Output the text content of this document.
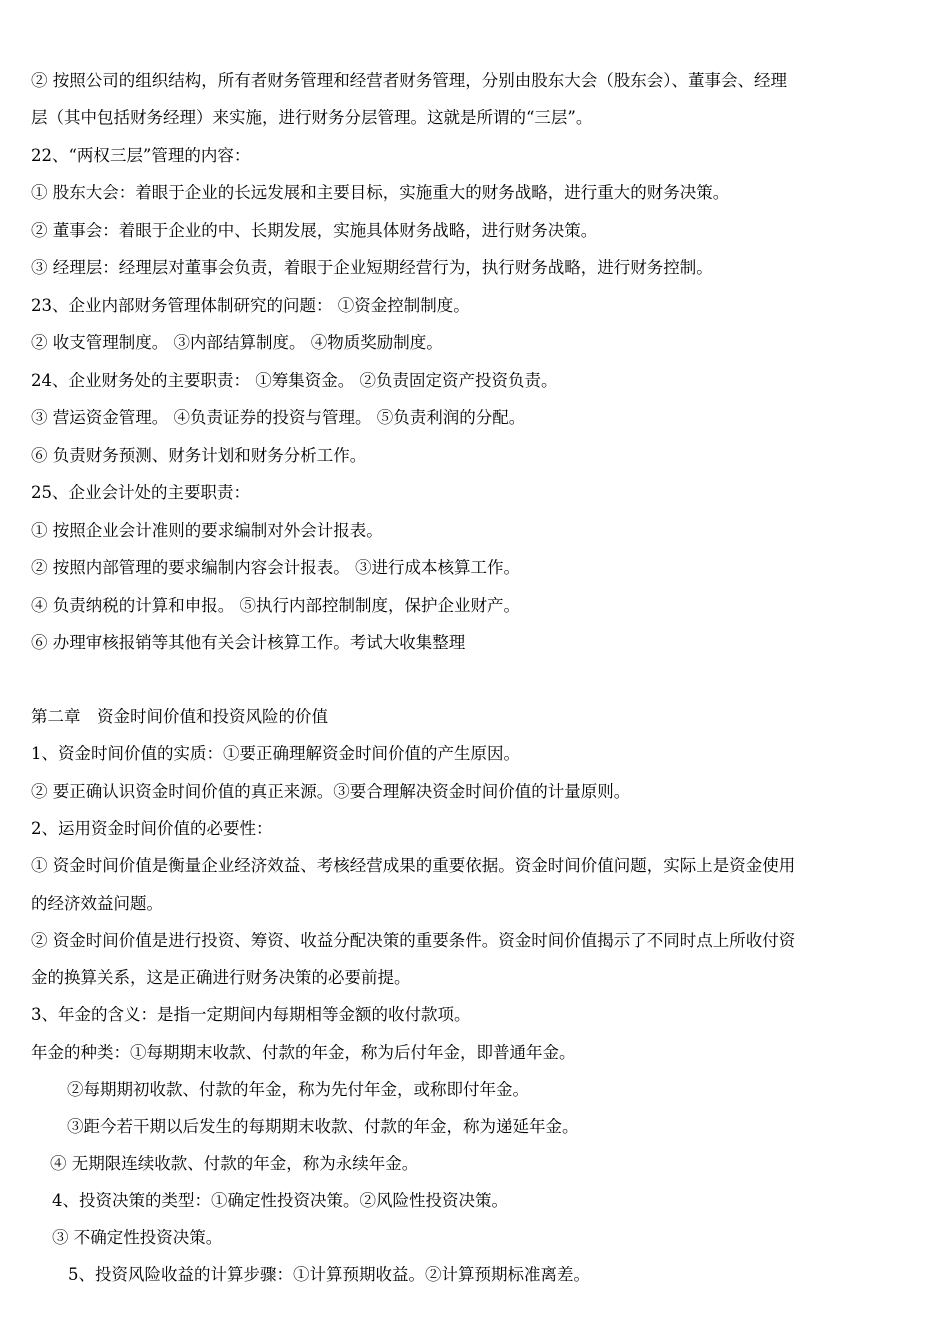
② 按照公司的组织结构，所有者财务管理和经营者财务管理，分别由股东大会（股东会）、董事会、经理
层（其中包括财务经理）来实施，进行财务分层管理。这就是所谓的“三层”。
22、“两权三层”管理的内容：
① 股东大会：着眼于企业的长远发展和主要目标，实施重大的财务战略，进行重大的财务决策。
② 董事会：着眼于企业的中、长期发展，实施具体财务战略，进行财务决策。
③ 经理层：经理层对董事会负责，着眼于企业短期经营行为，执行财务战略，进行财务控制。
23、企业内部财务管理体制研究的问题： ①资金控制制度。
② 收支管理制度。 ③内部结算制度。 ④物质奖励制度。
24、企业财务处的主要职责： ①筹集资金。 ②负责固定资产投资负责。
③ 营运资金管理。 ④负责证券的投资与管理。 ⑤负责利润的分配。
⑥ 负责财务预测、财务计划和财务分析工作。
25、企业会计处的主要职责：
① 按照企业会计准则的要求编制对外会计报表。
② 按照内部管理的要求编制内容会计报表。 ③进行成本核算工作。
④ 负责纳税的计算和申报。 ⑤执行内部控制制度，保护企业财产。
⑥ 办理审核报销等其他有关会计核算工作。考试大收集整理
第二章　资金时间价值和投资风险的价值
1、资金时间价值的实质：①要正确理解资金时间价值的产生原因。
② 要正确认识资金时间价值的真正来源。③要合理解决资金时间价值的计量原则。
2、运用资金时间价值的必要性：
① 资金时间价值是衡量企业经济效益、考核经营成果的重要依据。资金时间价值问题，实际上是资金使用
的经济效益问题。
② 资金时间价值是进行投资、筹资、收益分配决策的重要条件。资金时间价值揭示了不同时点上所收付资
金的换算关系，这是正确进行财务决策的必要前提。
3、年金的含义：是指一定期间内每期相等金额的收付款项。
年金的种类：①每期期末收款、付款的年金，称为后付年金，即普通年金。
②每期期初收款、付款的年金，称为先付年金，或称即付年金。
③距今若干期以后发生的每期期末收款、付款的年金，称为递延年金。
④ 无期限连续收款、付款的年金，称为永续年金。
4、投资决策的类型：①确定性投资决策。②风险性投资决策。
③ 不确定性投资决策。
5、投资风险收益的计算步骤：①计算预期收益。②计算预期标准离差。
